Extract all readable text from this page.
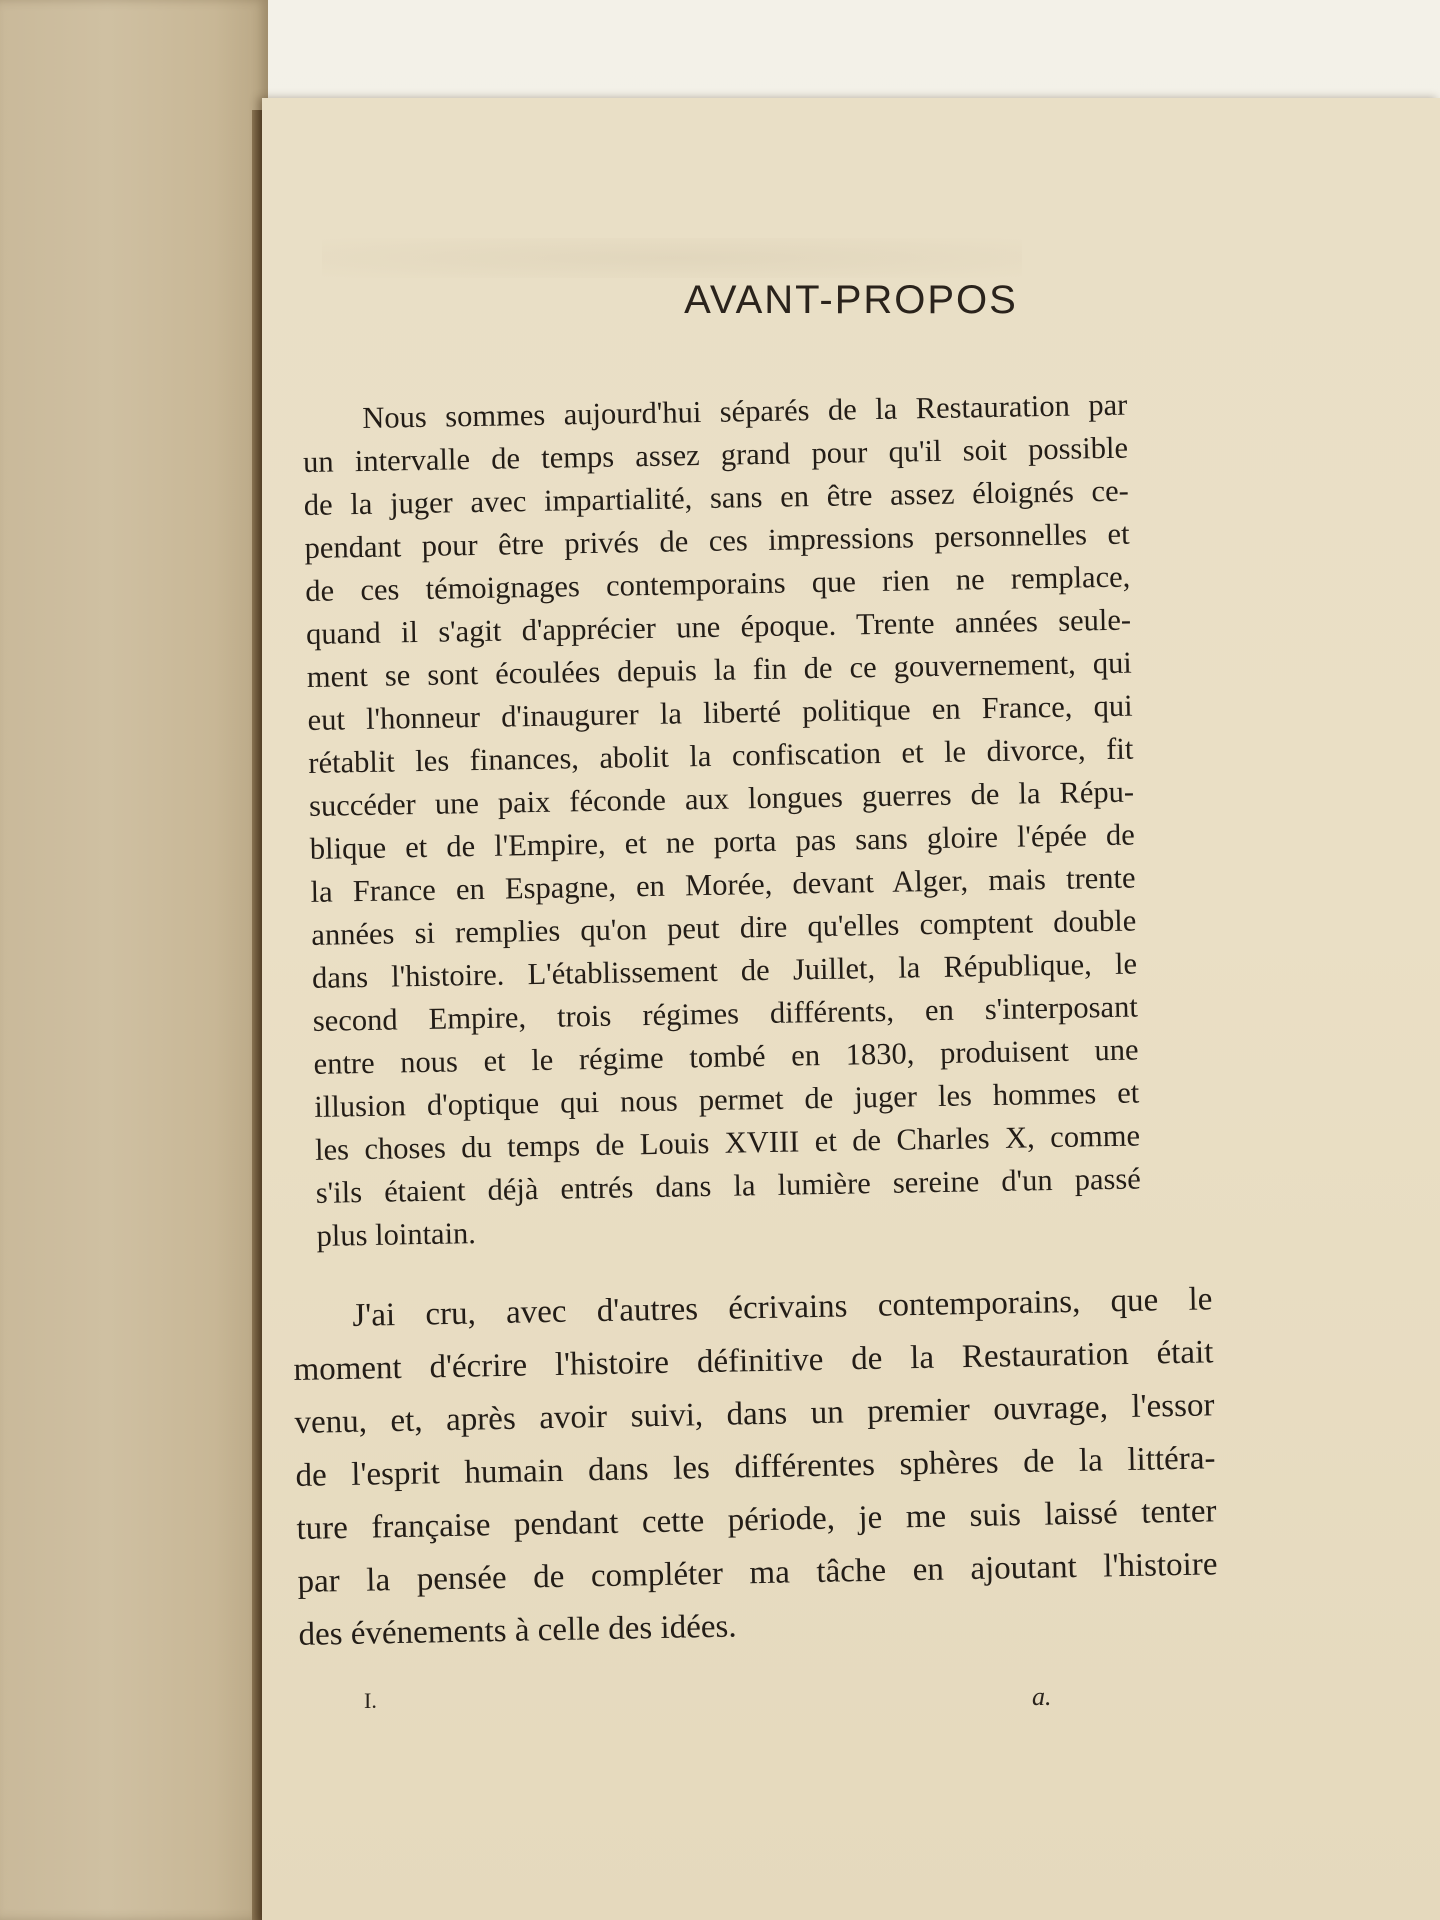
AVANT-PROPOS
Nous sommes aujourd'hui séparés de la Restauration par
un intervalle de temps assez grand pour qu'il soit possible
de la juger avec impartialité, sans en être assez éloignés ce-
pendant pour être privés de ces impressions personnelles et
de ces témoignages contemporains que rien ne remplace,
quand il s'agit d'apprécier une époque. Trente années seule-
ment se sont écoulées depuis la fin de ce gouvernement, qui
eut l'honneur d'inaugurer la liberté politique en France, qui
rétablit les finances, abolit la confiscation et le divorce, fit
succéder une paix féconde aux longues guerres de la Répu-
blique et de l'Empire, et ne porta pas sans gloire l'épée de
la France en Espagne, en Morée, devant Alger, mais trente
années si remplies qu'on peut dire qu'elles comptent double
dans l'histoire. L'établissement de Juillet, la République, le
second Empire, trois régimes différents, en s'interposant
entre nous et le régime tombé en 1830, produisent une
illusion d'optique qui nous permet de juger les hommes et
les choses du temps de Louis XVIII et de Charles X, comme
s'ils étaient déjà entrés dans la lumière sereine d'un passé
plus lointain.
J'ai cru, avec d'autres écrivains contemporains, que le
moment d'écrire l'histoire définitive de la Restauration était
venu, et, après avoir suivi, dans un premier ouvrage, l'essor
de l'esprit humain dans les différentes sphères de la littéra-
ture française pendant cette période, je me suis laissé tenter
par la pensée de compléter ma tâche en ajoutant l'histoire
des événements à celle des idées.
I.	a.
